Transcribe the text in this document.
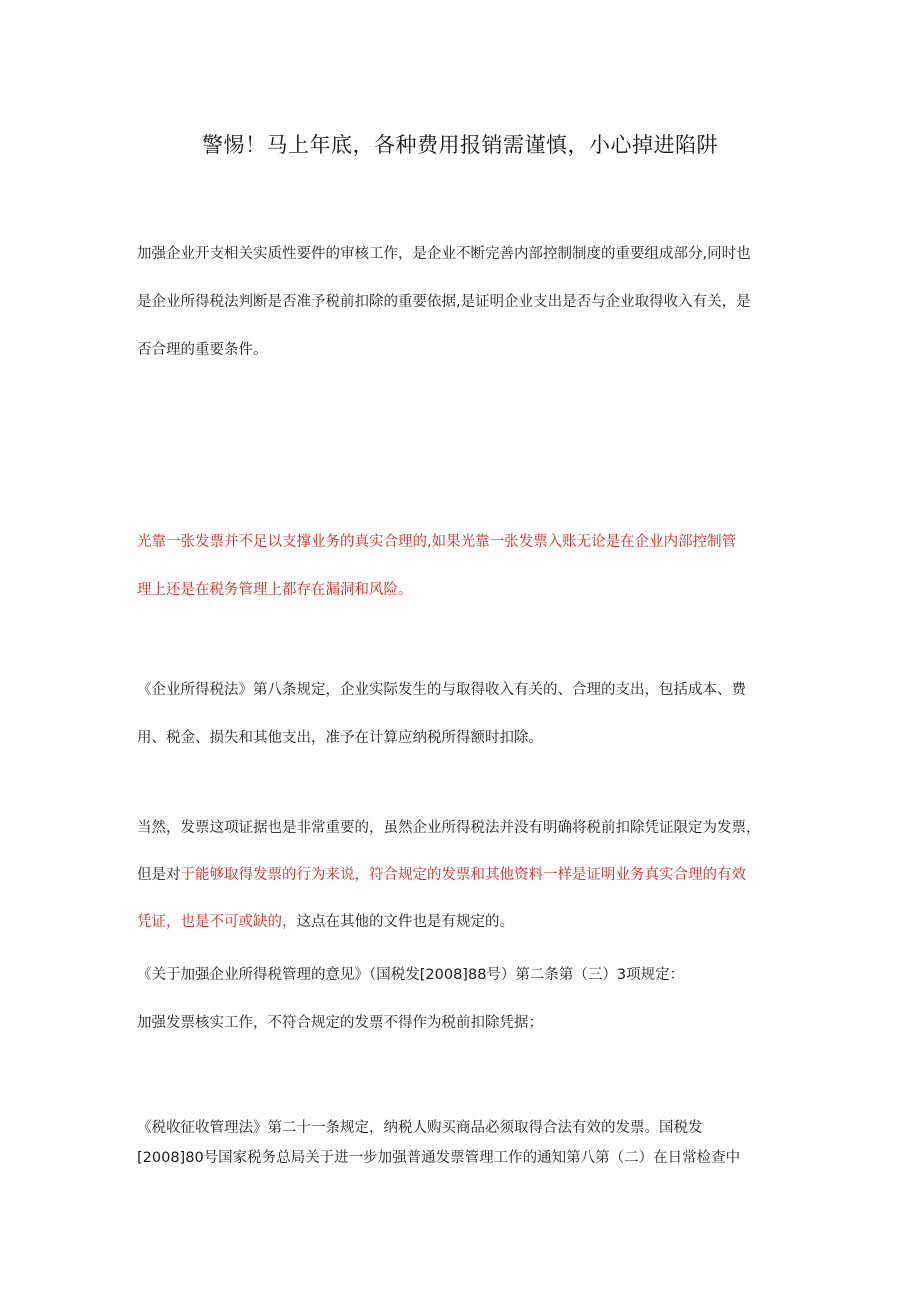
警惕！马上年底，各种费用报销需谨慎，小心掉进陷阱
加强企业开支相关实质性要件的审核工作，是企业不断完善内部控制制度的重要组成部分,同时也
是企业所得税法判断是否准予税前扣除的重要依据,是证明企业支出是否与企业取得收入有关，是
否合理的重要条件。
光靠一张发票并不足以支撑业务的真实合理的,如果光靠一张发票入账无论是在企业内部控制管
理上还是在税务管理上都存在漏洞和风险。
《企业所得税法》第八条规定，企业实际发生的与取得收入有关的、合理的支出，包括成本、费
用、税金、损失和其他支出，准予在计算应纳税所得额时扣除。
当然，发票这项证据也是非常重要的，虽然企业所得税法并没有明确将税前扣除凭证限定为发票，
但是对于能够取得发票的行为来说，符合规定的发票和其他资料一样是证明业务真实合理的有效
凭证，也是不可或缺的，这点在其他的文件也是有规定的。
《关于加强企业所得税管理的意见》（国税发[2008]88号）第二条第（三）3项规定：
加强发票核实工作，不符合规定的发票不得作为税前扣除凭据；
《税收征收管理法》第二十一条规定，纳税人购买商品必须取得合法有效的发票。国税发
[2008]80号国家税务总局关于进一步加强普通发票管理工作的通知第八第（二）在日常检查中
